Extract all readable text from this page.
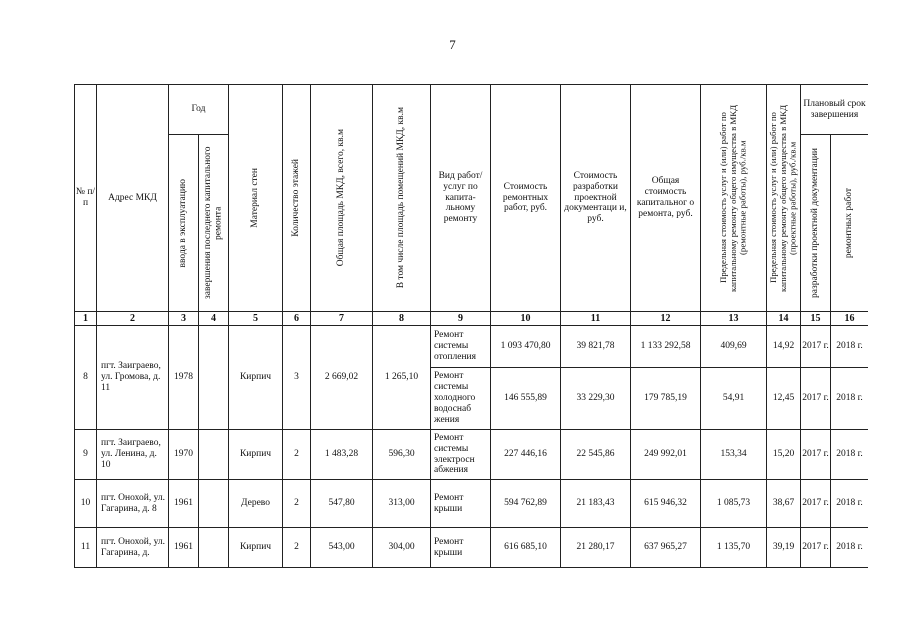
7
№ п/ п	Адрес МКД	Год		Материал стен	Количество этажей	Общая площадь МКД, всего, кв.м	В том числе площадь помещений МКД, кв.м	Вид работ/ услуг по капита-льному ремонту	Стоимость ремонтных работ, руб.	Стоимость разработки проектной документаци и, руб.	Общая стоимость капитальног о ремонта, руб.	Предельная стоимость услуг и (или) работ по капитальному ремонту общего имущества в МКД (ремонтные работы), руб./кв.м	Предельная стоимость услуг и (или) работ по капитальному ремонту общего имущества в МКД (проектные работы), руб./кв.м	Плановый срок завершения	

		ввода в эксплуатацию	завершения последнего капитального ремонта											разработки проектной документации	ремонтных работ

1	2	3	4	5	6	7	8	9	10	11	12	13	14	15	16
8	пгт. Заиграево, ул. Громова, д. 11	1978		Кирпич	3	2 669,02	1 265,10	Ремонт системы отопления	1 093 470,80	39 821,78	1 133 292,58	409,69	14,92	2017 г.	2018 г.
								Ремонт системы холодного водоснаб жения	146 555,89	33 229,30	179 785,19	54,91	12,45	2017 г.	2018 г.
9	пгт. Заиграево, ул. Ленина, д. 10	1970		Кирпич	2	1 483,28	596,30	Ремонт системы электросн абжения	227 446,16	22 545,86	249 992,01	153,34	15,20	2017 г.	2018 г.
10	пгт. Онохой, ул. Гагарина, д. 8	1961		Дерево	2	547,80	313,00	Ремонт крыши	594 762,89	21 183,43	615 946,32	1 085,73	38,67	2017 г.	2018 г.
11	пгт. Онохой, ул. Гагарина, д.	1961		Кирпич	2	543,00	304,00	Ремонт крыши	616 685,10	21 280,17	637 965,27	1 135,70	39,19	2017 г.	2018 г.
